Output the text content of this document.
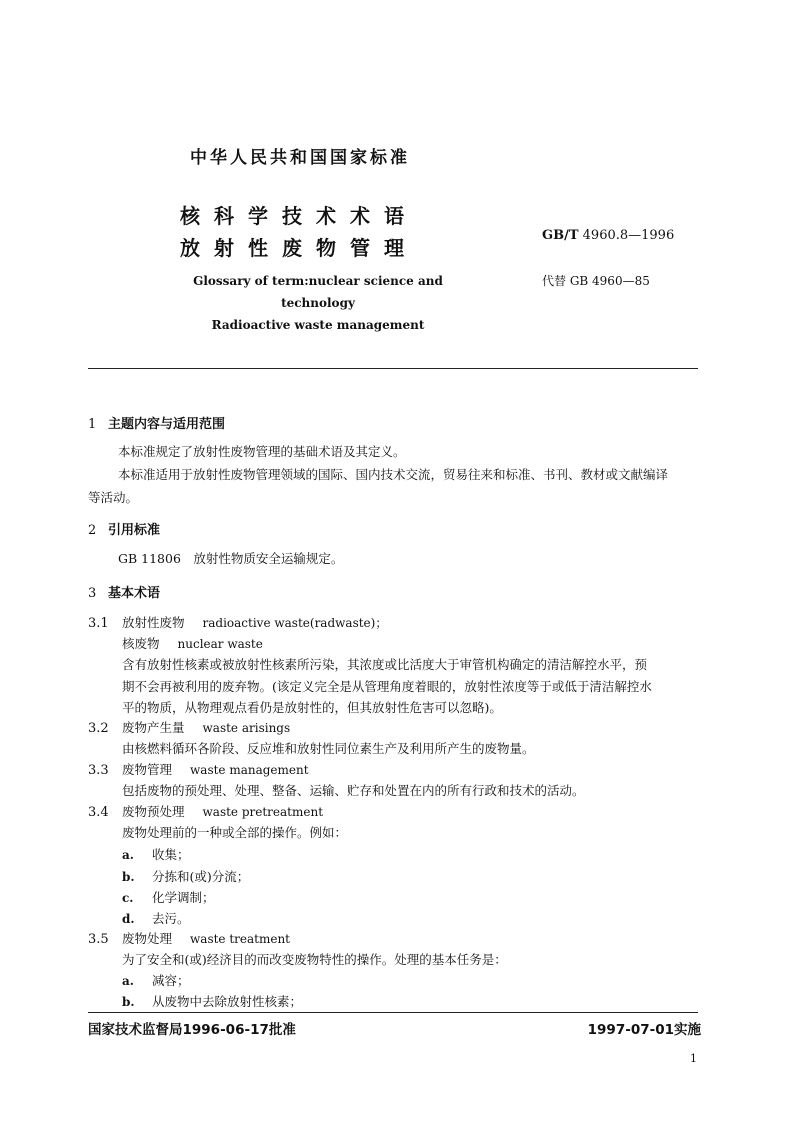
中华人民共和国国家标准
核科学技术术语
放射性废物管理
Glossary of term:nuclear science and
technology
Radioactive waste management
GB/T 4960.8—1996
代替 GB 4960—85
1 主题内容与适用范围
本标准规定了放射性废物管理的基础术语及其定义。
本标准适用于放射性废物管理领域的国际、国内技术交流，贸易往来和标准、书刊、教材或文献编译
等活动。
2 引用标准
GB 11806　放射性物质安全运输规定。
3 基本术语
3.1 放射性废物 radioactive waste(radwaste)；
核废物 nuclear waste
含有放射性核素或被放射性核素所污染，其浓度或比活度大于审管机构确定的清洁解控水平，预
期不会再被利用的废弃物。(该定义完全是从管理角度着眼的，放射性浓度等于或低于清洁解控水
平的物质，从物理观点看仍是放射性的，但其放射性危害可以忽略)。
3.2 废物产生量 waste arisings
由核燃料循环各阶段、反应堆和放射性同位素生产及利用所产生的废物量。
3.3 废物管理 waste management
包括废物的预处理、处理、整备、运输、贮存和处置在内的所有行政和技术的活动。
3.4 废物预处理 waste pretreatment
废物处理前的一种或全部的操作。例如：
a. 收集；
b. 分拣和(或)分流；
c. 化学调制；
d. 去污。
3.5 废物处理 waste treatment
为了安全和(或)经济目的而改变废物特性的操作。处理的基本任务是：
a. 减容；
b. 从废物中去除放射性核素；
国家技术监督局1996-06-17批准	1997-07-01实施
1
